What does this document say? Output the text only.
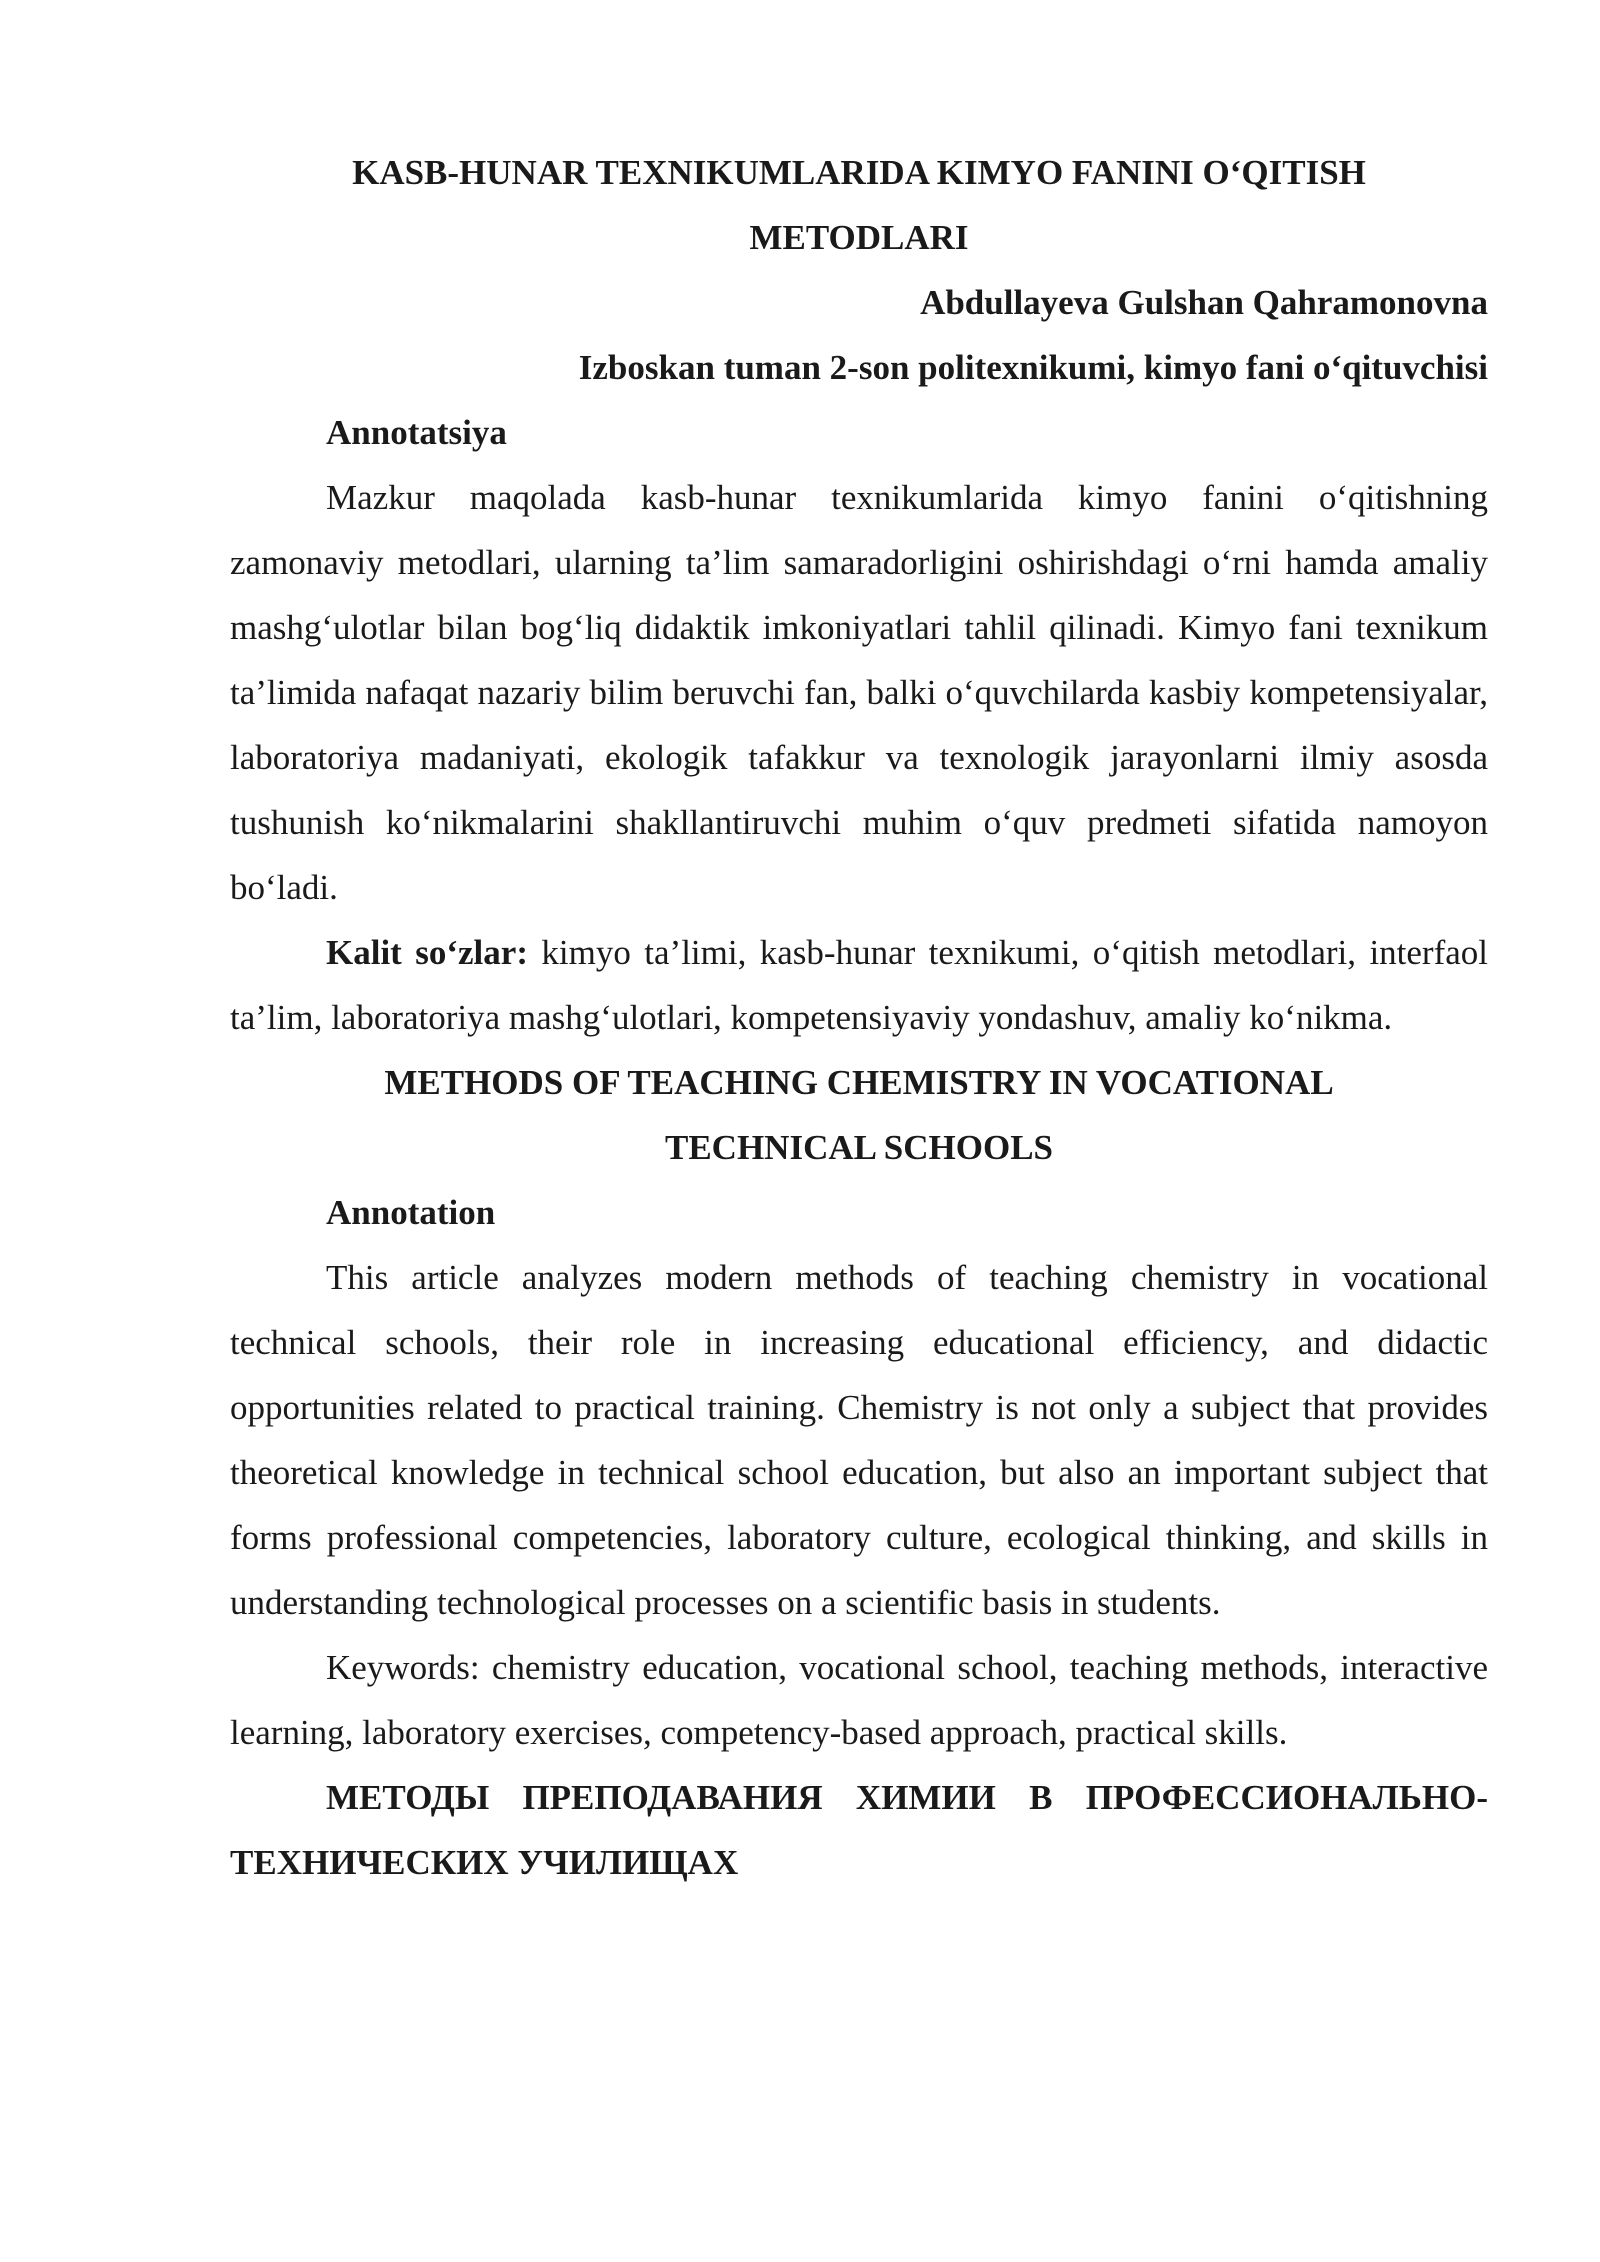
KASB-HUNAR TEXNIKUMLARIDA KIMYO FANINI O‘QITISH
METODLARI
Abdullayeva Gulshan Qahramonovna
Izboskan tuman 2-son politexnikumi, kimyo fani o‘qituvchisi
Annotatsiya

Mazkur maqolada kasb-hunar texnikumlarida kimyo fanini o‘qitishning zamonaviy metodlari, ularning ta’lim samaradorligini oshirishdagi o‘rni hamda amaliy mashg‘ulotlar bilan bog‘liq didaktik imkoniyatlari tahlil qilinadi. Kimyo fani texnikum ta’limida nafaqat nazariy bilim beruvchi fan, balki o‘quvchilarda kasbiy kompetensiyalar, laboratoriya madaniyati, ekologik tafakkur va texnologik jarayonlarni ilmiy asosda tushunish ko‘nikmalarini shakllantiruvchi muhim o‘quv predmeti sifatida namoyon bo‘ladi.

Kalit so‘zlar: kimyo ta’limi, kasb-hunar texnikumi, o‘qitish metodlari, interfaol ta’lim, laboratoriya mashg‘ulotlari, kompetensiyaviy yondashuv, amaliy ko‘nikma.

METHODS OF TEACHING CHEMISTRY IN VOCATIONAL
TECHNICAL SCHOOLS
Annotation

This article analyzes modern methods of teaching chemistry in vocational technical schools, their role in increasing educational efficiency, and didactic opportunities related to practical training. Chemistry is not only a subject that provides theoretical knowledge in technical school education, but also an important subject that forms professional competencies, laboratory culture, ecological thinking, and skills in understanding technological processes on a scientific basis in students.

Keywords: chemistry education, vocational school, teaching methods, interactive learning, laboratory exercises, competency-based approach, practical skills.

МЕТОДЫ ПРЕПОДАВАНИЯ ХИМИИ В ПРОФЕССИОНАЛЬНО-ТЕХНИЧЕСКИХ УЧИЛИЩАХ
